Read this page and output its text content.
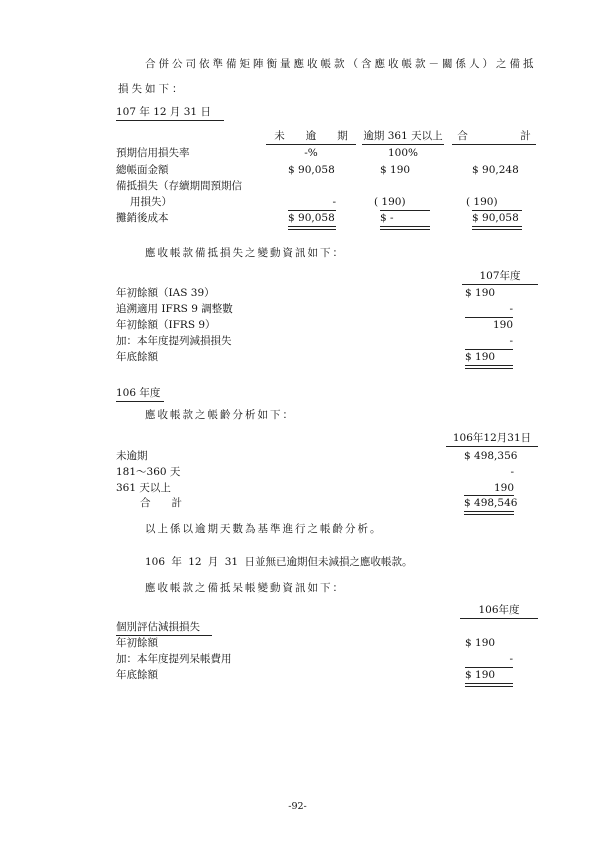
合併公司依準備矩陣衡量應收帳款（含應收帳款－關係人）之備抵
損失如下：
107 年 12 月 31 日
未　　逾　　期	逾期 361 天以上	合　　　　　計
預期信用損失率	-%	100%
總帳面金額	$ 90,058	$ 190	$ 90,248
備抵損失（存續期間預期信
用損失）	-	( 190)	( 190)
攤銷後成本	$ 90,058	$ -	$ 90,058
應收帳款備抵損失之變動資訊如下：
107年度
年初餘額（IAS 39）	$ 190
追溯適用 IFRS 9 調整數	-
年初餘額（IFRS 9）	190
加：本年度提列減損損失	-
年底餘額	$ 190
106 年度
應收帳款之帳齡分析如下：
106年12月31日
未逾期	$ 498,356
181～360 天	-
361 天以上	190
合　　計	$ 498,546
以上係以逾期天數為基準進行之帳齡分析。
106 年 12 月 31 日並無已逾期但未減損之應收帳款。
應收帳款之備抵呆帳變動資訊如下：
106年度
個別評估減損損失
年初餘額	$ 190
加：本年度提列呆帳費用	-
年底餘額	$ 190
-92-
